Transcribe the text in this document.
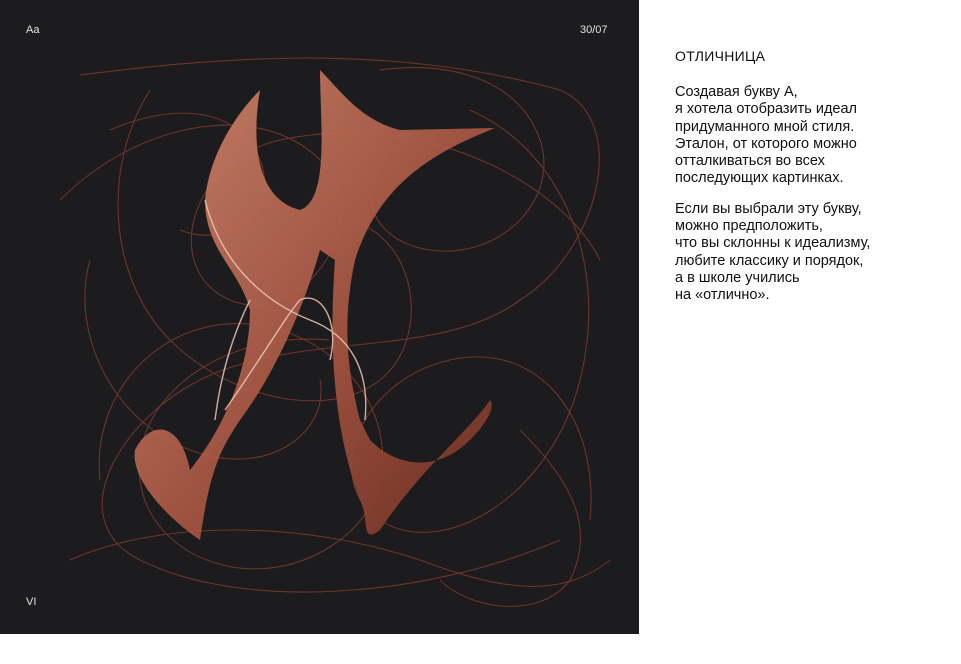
Aa	30/07
VI

ОТЛИЧНИЦА

Создавая букву А,
я хотела отобразить идеал
придуманного мной стиля.
Эталон, от которого можно
отталкиваться во всех
последующих картинках.

Если вы выбрали эту букву,
можно предположить,
что вы склонны к идеализму,
любите классику и порядок,
а в школе учились
на «отлично».
